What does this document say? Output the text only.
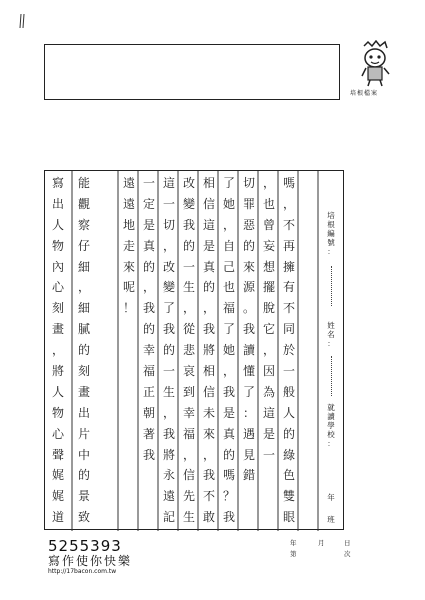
培根檔案
寫
出
人
物
內
心
刻
畫
，
將
人
物
心
聲
娓
娓
道
能
觀
察
仔
細
，
細
膩
的
刻
畫
出
片
中
的
景
致
遠
遠
地
走
來
呢
！
一
定
是
真
的
，
我
的
幸
福
正
朝
著
我
這
一
切
，
改
變
了
我
的
一
生
，
我
將
永
遠
記
改
變
我
的
一
生
，
從
悲
哀
到
幸
福
，
信
先
生
相
信
這
是
真
的
，
我
將
相
信
未
來
，
我
不
敢
了
她
，
自
己
也
福
了
她
，
我
是
真
的
嗎
？
我
切
罪
惡
的
來
源
。
我
讀
懂
了
：
遇
見
錯
，
也
曾
妄
想
擺
脫
它
，
因
為
這
是
一
嗎
，
不
再
擁
有
不
同
於
一
般
人
的
綠
色
雙
眼
培
根
編
號
：
姓
名
：
就
讀
學
校
：
年
班
5255393
寫作使你快樂
http://17bacon.com.tw
年	月	日
第	次
